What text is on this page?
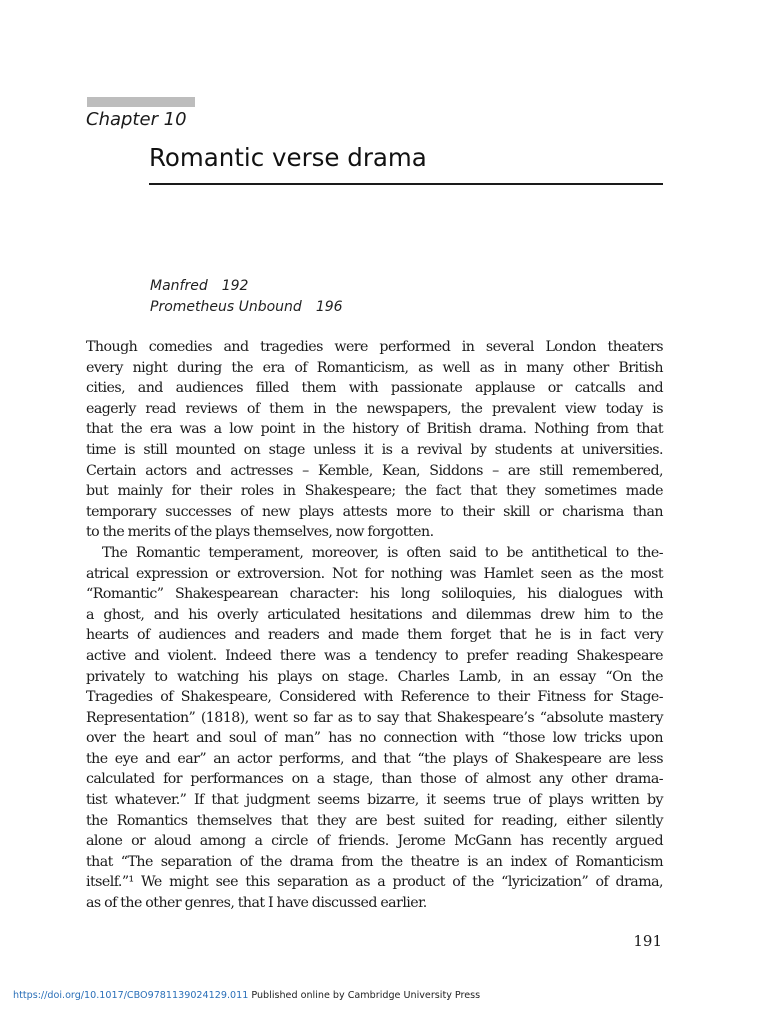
Chapter 10
Romantic verse drama
Manfred 192
Prometheus Unbound 196
Though comedies and tragedies were performed in several London theaters
every night during the era of Romanticism, as well as in many other British
cities, and audiences filled them with passionate applause or catcalls and
eagerly read reviews of them in the newspapers, the prevalent view today is
that the era was a low point in the history of British drama. Nothing from that
time is still mounted on stage unless it is a revival by students at universities.
Certain actors and actresses – Kemble, Kean, Siddons – are still remembered,
but mainly for their roles in Shakespeare; the fact that they sometimes made
temporary successes of new plays attests more to their skill or charisma than
to the merits of the plays themselves, now forgotten.
The Romantic temperament, moreover, is often said to be antithetical to the-
atrical expression or extroversion. Not for nothing was Hamlet seen as the most
“Romantic” Shakespearean character: his long soliloquies, his dialogues with
a ghost, and his overly articulated hesitations and dilemmas drew him to the
hearts of audiences and readers and made them forget that he is in fact very
active and violent. Indeed there was a tendency to prefer reading Shakespeare
privately to watching his plays on stage. Charles Lamb, in an essay “On the
Tragedies of Shakespeare, Considered with Reference to their Fitness for Stage-
Representation” (1818), went so far as to say that Shakespeare’s “absolute mastery
over the heart and soul of man” has no connection with “those low tricks upon
the eye and ear” an actor performs, and that “the plays of Shakespeare are less
calculated for performances on a stage, than those of almost any other drama-
tist whatever.” If that judgment seems bizarre, it seems true of plays written by
the Romantics themselves that they are best suited for reading, either silently
alone or aloud among a circle of friends. Jerome McGann has recently argued
that “The separation of the drama from the theatre is an index of Romanticism
itself.”¹ We might see this separation as a product of the “lyricization” of drama,
as of the other genres, that I have discussed earlier.
191
https://doi.org/10.1017/CBO9781139024129.011 Published online by Cambridge University Press
